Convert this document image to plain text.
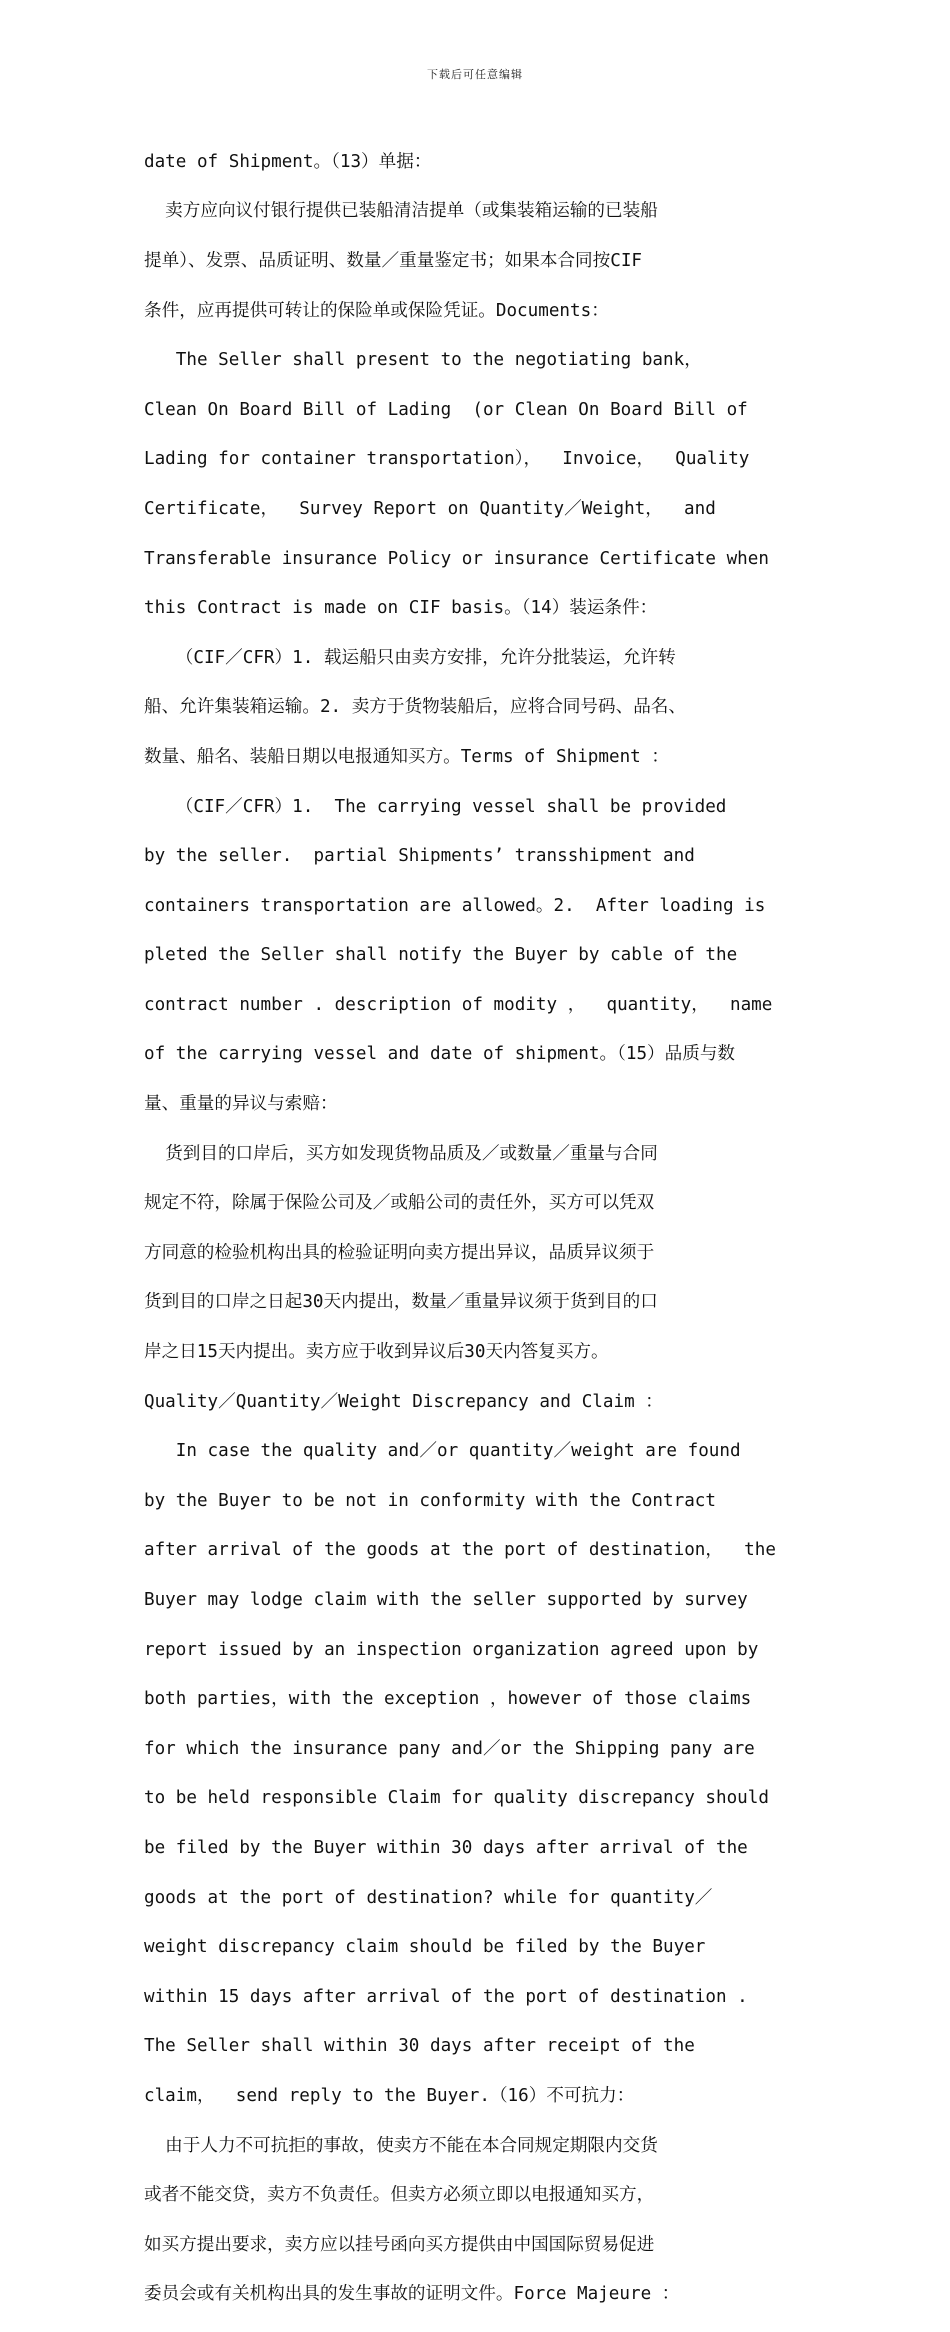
下载后可任意编辑

date of Shipment。（13）单据：

卖方应向议付银行提供已装船清洁提单（或集装箱运输的已装船

提单）、发票、品质证明、数量／重量鉴定书；如果本合同按CIF

条件，应再提供可转让的保险单或保险凭证。Documents：

The Seller shall present to the negotiating bank，

Clean On Board Bill of Lading  (or Clean On Board Bill of

Lading for container transportation），  Invoice，  Quality

Certificate，  Survey Report on Quantity／Weight，  and

Transferable insurance Policy or insurance Certificate when

this Contract is made on CIF basis。（14）装运条件：

（CIF／CFR）1. 载运船只由卖方安排，允许分批装运，允许转

船、允许集装箱运输。2. 卖方于货物装船后，应将合同号码、品名、

数量、船名、装船日期以电报通知买方。Terms of Shipment ：

（CIF／CFR）1.  The carrying vessel shall be provided

by the seller.  partial Shipments’ transshipment and

containers transportation are allowed。2.  After loading is

pleted the Seller shall notify the Buyer by cable of the

contract number . description of modity ，  quantity，  name

of the carrying vessel and date of shipment。（15）品质与数

量、重量的异议与索赔：

货到目的口岸后，买方如发现货物品质及／或数量／重量与合同

规定不符，除属于保险公司及／或船公司的责任外，买方可以凭双

方同意的检验机构出具的检验证明向卖方提出异议，品质异议须于

货到目的口岸之日起30天内提出，数量／重量异议须于货到目的口

岸之日15天内提出。卖方应于收到异议后30天内答复买方。

Quality／Quantity／Weight Discrepancy and Claim ：

In case the quality and／or quantity／weight are found

by the Buyer to be not in conformity with the Contract

after arrival of the goods at the port of destination，  the

Buyer may lodge claim with the seller supported by survey

report issued by an inspection organization agreed upon by

both parties，with the exception ，however of those claims

for which the insurance pany and／or the Shipping pany are

to be held responsible Claim for quality discrepancy should

be filed by the Buyer within 30 days after arrival of the

goods at the port of destination? while for quantity／

weight discrepancy claim should be filed by the Buyer

within 15 days after arrival of the port of destination .

The Seller shall within 30 days after receipt of the

claim，  send reply to the Buyer.（16）不可抗力：

由于人力不可抗拒的事故，使卖方不能在本合同规定期限内交货

或者不能交贷，卖方不负责任。但卖方必须立即以电报通知买方，

如买方提出要求，卖方应以挂号函向买方提供由中国国际贸易促进

委员会或有关机构出具的发生事故的证明文件。Force Majeure ：
